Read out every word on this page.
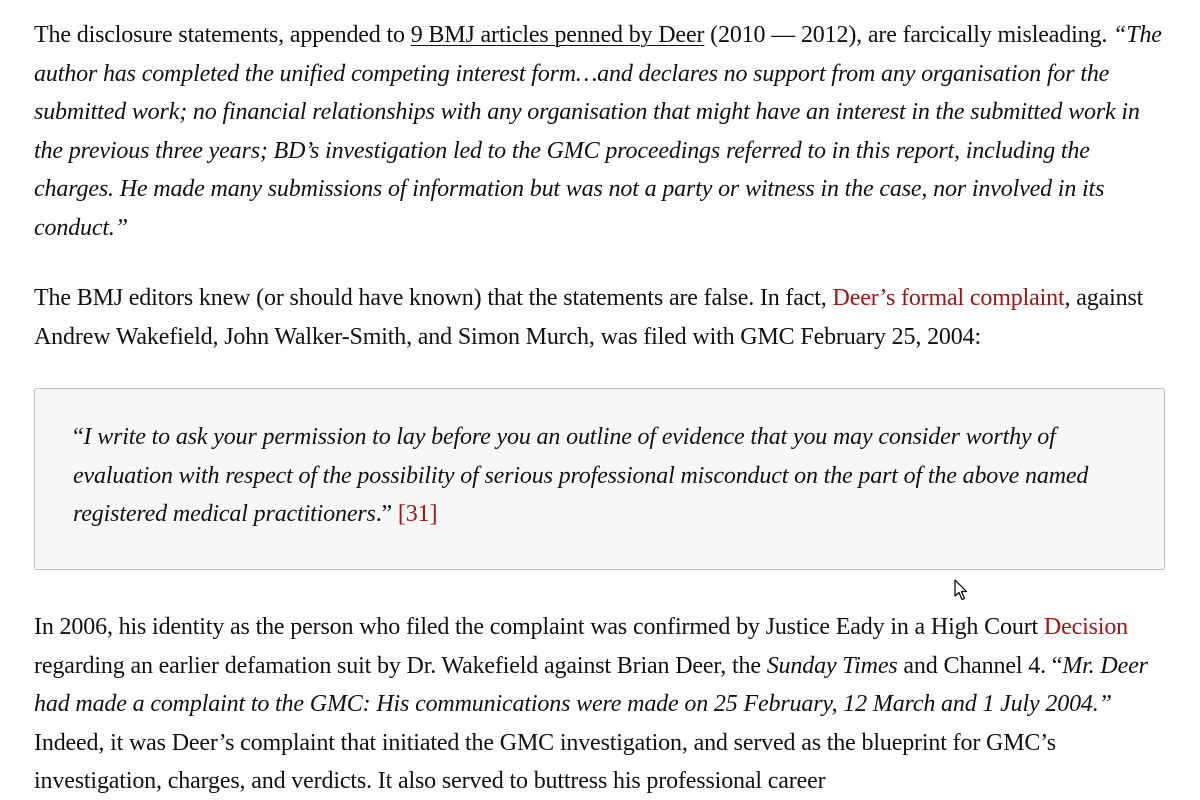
The disclosure statements, appended to 9 BMJ articles penned by Deer (2010 — 2012), are farcically misleading. “The author has completed the unified competing interest form…and declares no support from any organisation for the submitted work; no financial relationships with any organisation that might have an interest in the submitted work in the previous three years; BD’s investigation led to the GMC proceedings referred to in this report, including the charges. He made many submissions of information but was not a party or witness in the case, nor involved in its conduct.”

The BMJ editors knew (or should have known) that the statements are false. In fact, Deer’s formal complaint, against Andrew Wakefield, John Walker-Smith, and Simon Murch, was filed with GMC February 25, 2004:

“I write to ask your permission to lay before you an outline of evidence that you may consider worthy of evaluation with respect of the possibility of serious professional misconduct on the part of the above named registered medical practitioners.” [31]

In 2006, his identity as the person who filed the complaint was confirmed by Justice Eady in a High Court Decision regarding an earlier defamation suit by Dr. Wakefield against Brian Deer, the Sunday Times and Channel 4. “Mr. Deer had made a complaint to the GMC: His communications were made on 25 February, 12 March and 1 July 2004.” Indeed, it was Deer’s complaint that initiated the GMC investigation, and served as the blueprint for GMC’s investigation, charges, and verdicts. It also served to buttress his professional career
